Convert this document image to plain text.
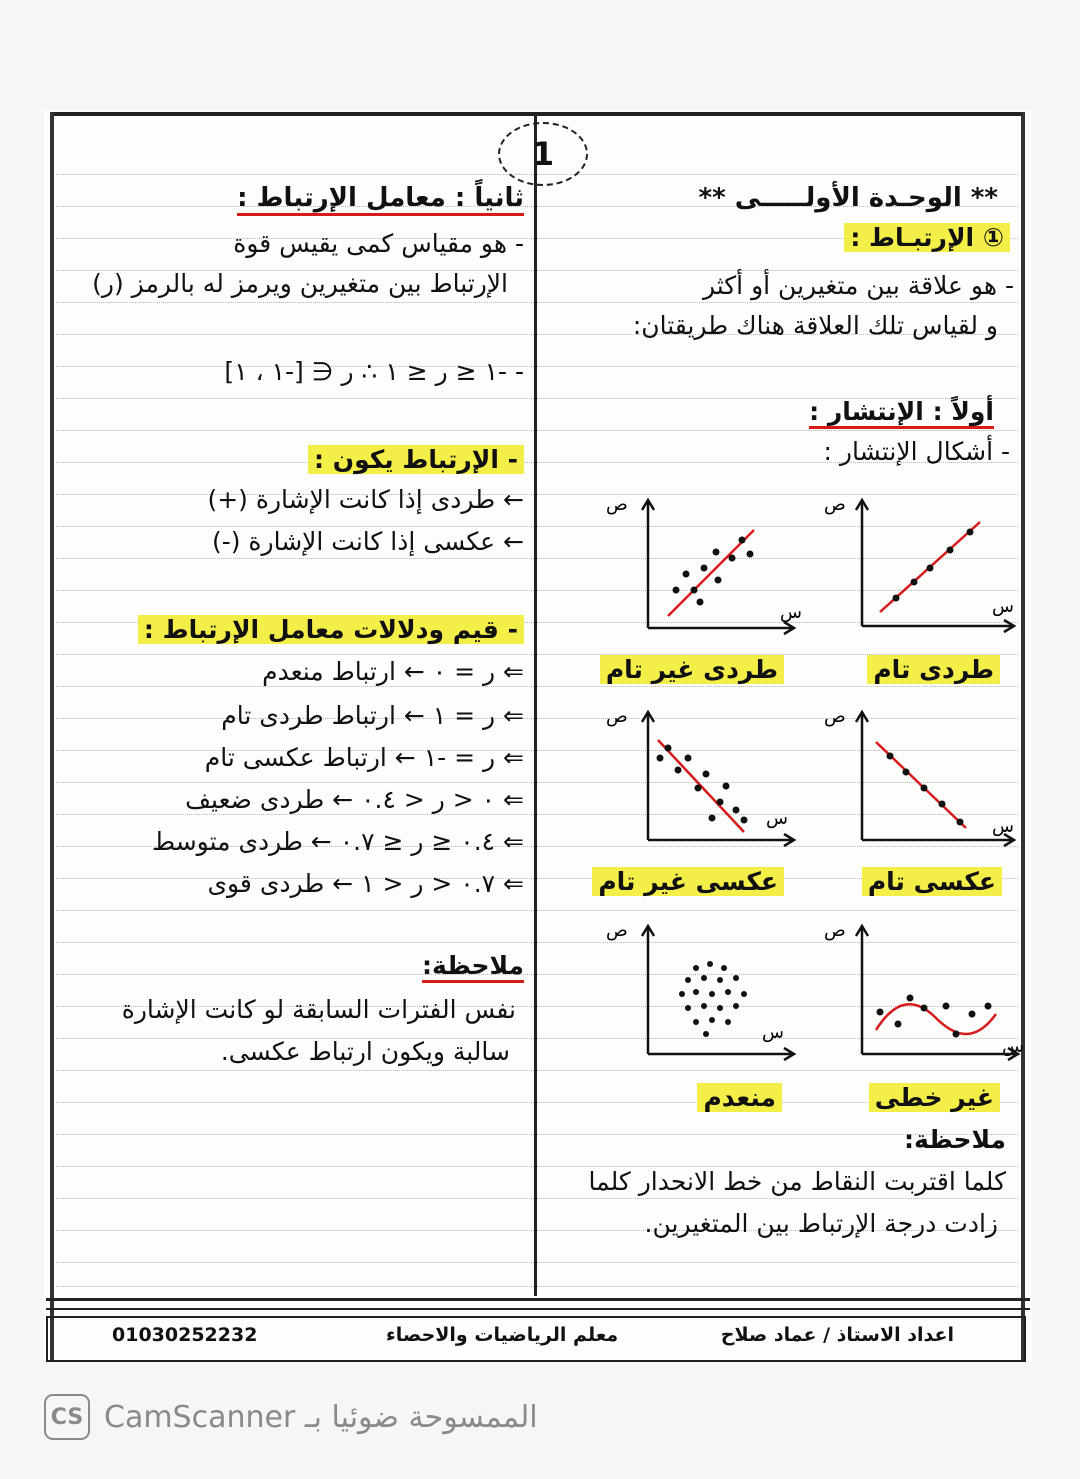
1
** الوحـدة الأولـــــى **
① الإرتبـاط :
- هو علاقة بين متغيرين أو أكثر
و لقياس تلك العلاقة هناك طريقتان:
أولاً : الإنتشار :
- أشكال الإنتشار :
ص
س
ص
س
طردى غير تام	طردى تام
ص
س
ص
س
عكسى غير تام	عكسى تام
ص
س
ص
س
منعدم	غير خطى
ملاحظة:
كلما اقتربت النقاط من خط الانحدار كلما
زادت درجة الإرتباط بين المتغيرين.
ثانياً : معامل الإرتباط :
- هو مقياس كمى يقيس قوة
الإرتباط بين متغيرين ويرمز له بالرمز (ر)
- -١ ≤ ر ≤ ١ ∴ ر ∈ [-١ ، ١]
- الإرتباط يكون :
← طردى إذا كانت الإشارة (+)
← عكسى إذا كانت الإشارة (-)
- قيم ودلالات معامل الإرتباط :
⇐ ر = ٠ ← ارتباط منعدم
⇐ ر = ١ ← ارتباط طردى تام
⇐ ر = -١ ← ارتباط عكسى تام
⇐ ٠ < ر < ٠.٤ ← طردى ضعيف
⇐ ٠.٤ ≤ ر ≤ ٠.٧ ← طردى متوسط
⇐ ٠.٧ < ر < ١ ← طردى قوى
ملاحظة:
نفس الفترات السابقة لو كانت الإشارة
سالبة ويكون ارتباط عكسى.
اعداد الاستاذ / عماد صلاح
معلم الرياضيات والاحصاء
01030252232
CS الممسوحة ضوئيا بـ CamScanner
